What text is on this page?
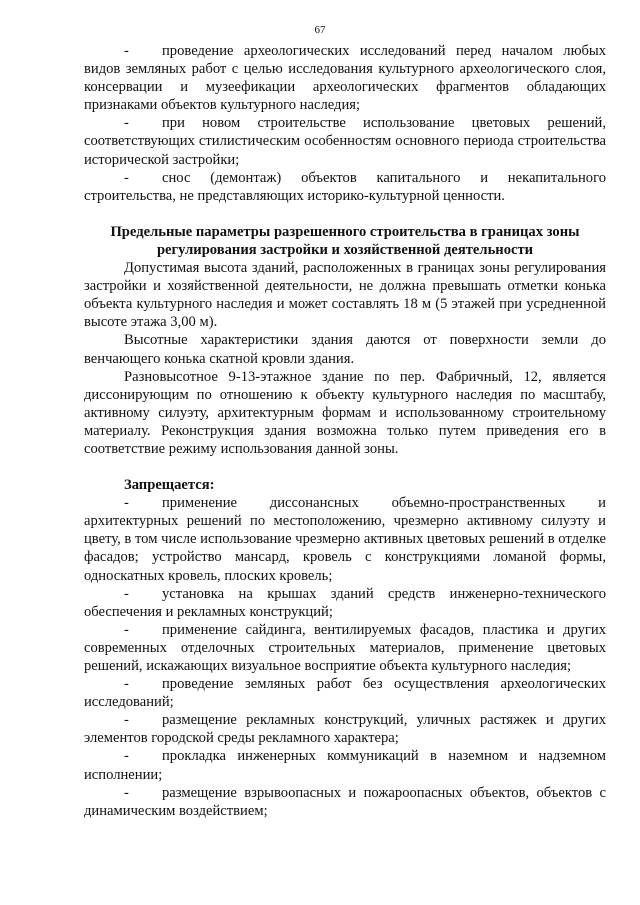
67

- проведение археологических исследований перед началом любых видов земляных работ с целью исследования культурного археологического слоя, консервации и музеефикации археологических фрагментов обладающих признаками объектов культурного наследия;

- при новом строительстве использование цветовых решений, соответствующих стилистическим особенностям основного периода строительства исторической застройки;

- снос (демонтаж) объектов капитального и некапитального строительства, не представляющих историко-культурной ценности.

Предельные параметры разрешенного строительства в границах зоны регулирования застройки и хозяйственной деятельности

Допустимая высота зданий, расположенных в границах зоны регулирования застройки и хозяйственной деятельности, не должна превышать отметки конька объекта культурного наследия и может составлять 18 м (5 этажей при усредненной высоте этажа 3,00 м).

Высотные характеристики здания даются от поверхности земли до венчающего конька скатной кровли здания.

Разновысотное 9-13-этажное здание по пер. Фабричный, 12, является диссонирующим по отношению к объекту культурного наследия по масштабу, активному силуэту, архитектурным формам и использованному строительному материалу. Реконструкция здания возможна только путем приведения его в соответствие режиму использования данной зоны.

Запрещается:

- применение диссонансных объемно-пространственных и архитектурных решений по местоположению, чрезмерно активному силуэту и цвету, в том числе использование чрезмерно активных цветовых решений в отделке фасадов; устройство мансард, кровель с конструкциями ломаной формы, односкатных кровель, плоских кровель;

- установка на крышах зданий средств инженерно-технического обеспечения и рекламных конструкций;

- применение сайдинга, вентилируемых фасадов, пластика и других современных отделочных строительных материалов, применение цветовых решений, искажающих визуальное восприятие объекта культурного наследия;

- проведение земляных работ без осуществления археологических исследований;

- размещение рекламных конструкций, уличных растяжек и других элементов городской среды рекламного характера;

- прокладка инженерных коммуникаций в наземном и надземном исполнении;

- размещение взрывоопасных и пожароопасных объектов, объектов с динамическим воздействием;
